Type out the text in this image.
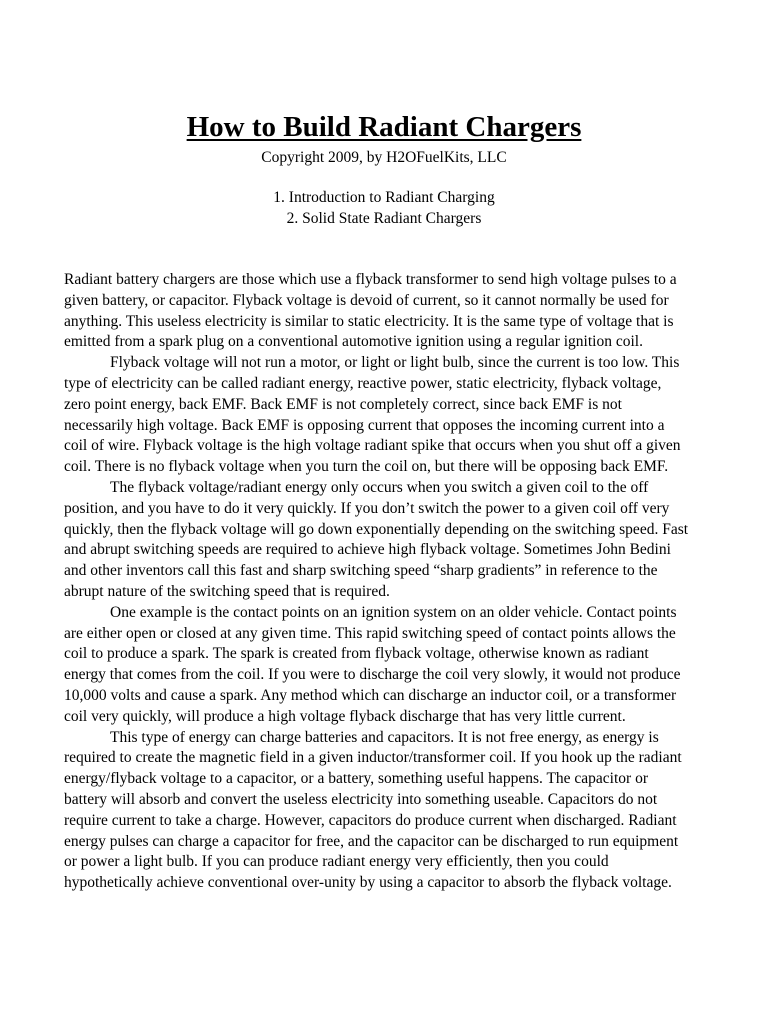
How to Build Radiant Chargers
Copyright 2009, by H2OFuelKits, LLC
1. Introduction to Radiant Charging
2. Solid State Radiant Chargers

Radiant battery chargers are those which use a flyback transformer to send high voltage pulses to a given battery, or capacitor. Flyback voltage is devoid of current, so it cannot normally be used for anything. This useless electricity is similar to static electricity. It is the same type of voltage that is emitted from a spark plug on a conventional automotive ignition using a regular ignition coil.

Flyback voltage will not run a motor, or light or light bulb, since the current is too low. This type of electricity can be called radiant energy, reactive power, static electricity, flyback voltage, zero point energy, back EMF. Back EMF is not completely correct, since back EMF is not necessarily high voltage. Back EMF is opposing current that opposes the incoming current into a coil of wire. Flyback voltage is the high voltage radiant spike that occurs when you shut off a given coil. There is no flyback voltage when you turn the coil on, but there will be opposing back EMF.

The flyback voltage/radiant energy only occurs when you switch a given coil to the off position, and you have to do it very quickly. If you don’t switch the power to a given coil off very quickly, then the flyback voltage will go down exponentially depending on the switching speed. Fast and abrupt switching speeds are required to achieve high flyback voltage. Sometimes John Bedini and other inventors call this fast and sharp switching speed “sharp gradients” in reference to the abrupt nature of the switching speed that is required.

One example is the contact points on an ignition system on an older vehicle. Contact points are either open or closed at any given time. This rapid switching speed of contact points allows the coil to produce a spark. The spark is created from flyback voltage, otherwise known as radiant energy that comes from the coil. If you were to discharge the coil very slowly, it would not produce 10,000 volts and cause a spark. Any method which can discharge an inductor coil, or a transformer coil very quickly, will produce a high voltage flyback discharge that has very little current.

This type of energy can charge batteries and capacitors. It is not free energy, as energy is required to create the magnetic field in a given inductor/transformer coil. If you hook up the radiant energy/flyback voltage to a capacitor, or a battery, something useful happens. The capacitor or battery will absorb and convert the useless electricity into something useable. Capacitors do not require current to take a charge. However, capacitors do produce current when discharged. Radiant energy pulses can charge a capacitor for free, and the capacitor can be discharged to run equipment or power a light bulb. If you can produce radiant energy very efficiently, then you could hypothetically achieve conventional over-unity by using a capacitor to absorb the flyback voltage.
